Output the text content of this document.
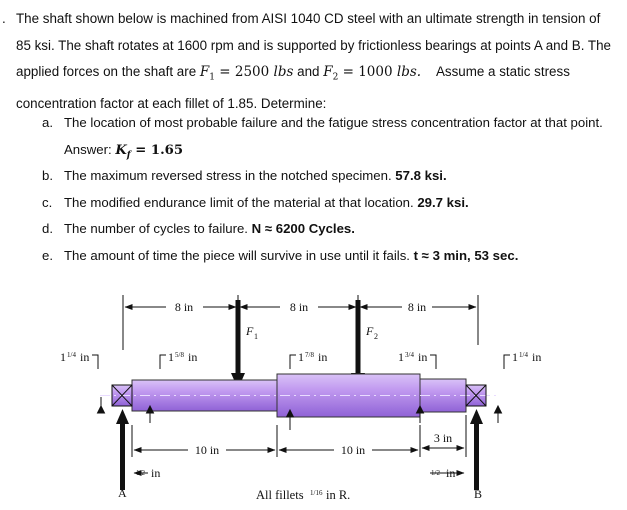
. The shaft shown below is machined from AISI 1040 CD steel with an ultimate strength in tension of
85 ksi. The shaft rotates at 1600 rpm and is supported by frictionless bearings at points A and B. The
applied forces on the shaft are $F_1 = 2500$ lbs and $F_2 = 1000$ lbs. Assume a static stress
concentration factor at each fillet of 1.85. Determine:
a. The location of most probable failure and the fatigue stress concentration factor at that point.
Answer: $K_f = 1.65$
b. The maximum reversed stress in the notched specimen. 57.8 ksi.
c. The modified endurance limit of the material at that location. 29.7 ksi.
d. The number of cycles to failure. N ≈ 6200 Cycles.
e. The amount of time the piece will survive in use until it fails. t ≈ 3 min, 53 sec.
8 in	8 in	8 in
F 1	F 2
1 1/4 in	1 5/8 in	1 7/8 in	1 3/4 in	1 1/4 in
10 in	10 in
3 in
1/2 in	1/2 in
All fillets 1/16 in R.
A	B
